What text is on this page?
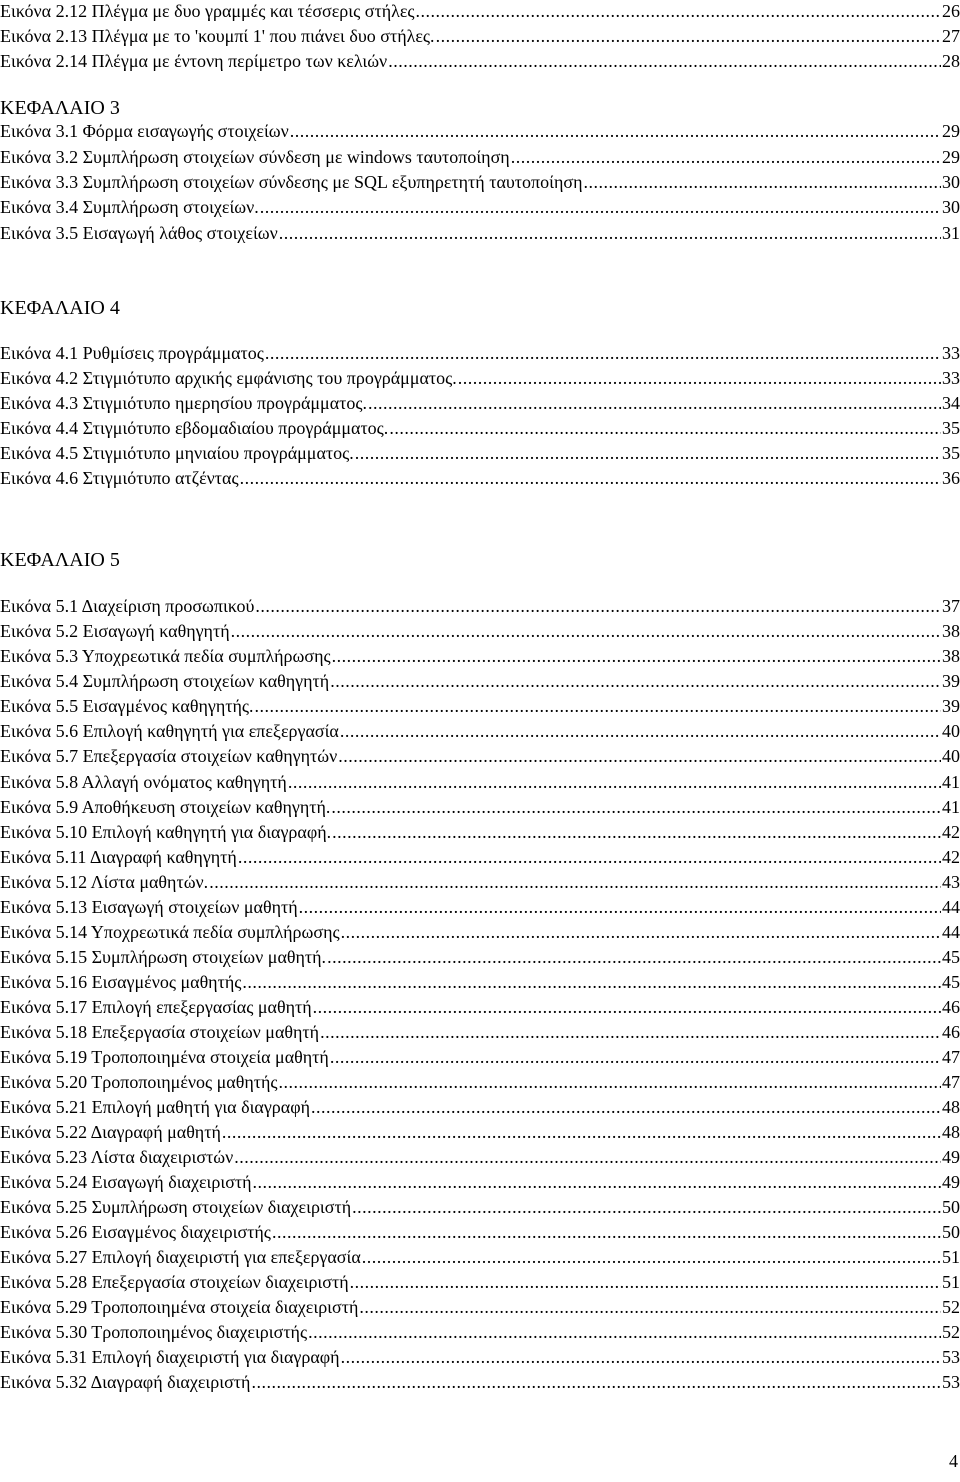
Εικόνα 2.12 Πλέγμα με δυο γραμμές και τέσσερις στήλες .....	26
Εικόνα 2.13 Πλέγμα με το 'κουμπί 1' που πιάνει δυο στήλες. .....	27
Εικόνα 2.14 Πλέγμα με έντονη περίμετρο των κελιών .....	28
ΚΕΦΑΛΑΙΟ 3
Εικόνα 3.1 Φόρμα εισαγωγής στοιχείων .....	29
Εικόνα 3.2 Συμπλήρωση στοιχείων σύνδεση με windows ταυτοποίηση .....	29
Εικόνα 3.3 Συμπλήρωση στοιχείων σύνδεσης με SQL εξυπηρετητή ταυτοποίηση .....	30
Εικόνα 3.4 Συμπλήρωση στοιχείων. .....	30
Εικόνα 3.5 Εισαγωγή λάθος στοιχείων .....	31
ΚΕΦΑΛΑΙΟ 4
Εικόνα 4.1 Ρυθμίσεις προγράμματος .....	33
Εικόνα 4.2 Στιγμιότυπο αρχικής εμφάνισης του προγράμματος. .....	33
Εικόνα 4.3 Στιγμιότυπο ημερησίου προγράμματος. .....	34
Εικόνα 4.4 Στιγμιότυπο εβδομαδιαίου προγράμματος. .....	35
Εικόνα 4.5 Στιγμιότυπο μηνιαίου προγράμματος. .....	35
Εικόνα 4.6 Στιγμιότυπο ατζέντας .....	36
ΚΕΦΑΛΑΙΟ 5
Εικόνα 5.1 Διαχείριση προσωπικού .....	37
Εικόνα 5.2 Εισαγωγή καθηγητή .....	38
Εικόνα 5.3 Υποχρεωτικά πεδία συμπλήρωσης .....	38
Εικόνα 5.4 Συμπλήρωση στοιχείων καθηγητή .....	39
Εικόνα 5.5 Εισαγμένος καθηγητής. .....	39
Εικόνα 5.6 Επιλογή καθηγητή για επεξεργασία .....	40
Εικόνα 5.7 Επεξεργασία στοιχείων καθηγητών .....	40
Εικόνα 5.8 Αλλαγή ονόματος καθηγητή .....	41
Εικόνα 5.9 Αποθήκευση στοιχείων καθηγητή. .....	41
Εικόνα 5.10 Επιλογή καθηγητή για διαγραφή. .....	42
Εικόνα 5.11 Διαγραφή καθηγητή .....	42
Εικόνα 5.12 Λίστα μαθητών. .....	43
Εικόνα 5.13 Εισαγωγή στοιχείων μαθητή .....	44
Εικόνα 5.14 Υποχρεωτικά πεδία συμπλήρωσης .....	44
Εικόνα 5.15 Συμπλήρωση στοιχείων μαθητή. .....	45
Εικόνα 5.16 Εισαγμένος μαθητής .....	45
Εικόνα 5.17 Επιλογή επεξεργασίας μαθητή .....	46
Εικόνα 5.18 Επεξεργασία στοιχείων μαθητή .....	46
Εικόνα 5.19 Τροποποιημένα στοιχεία μαθητή .....	47
Εικόνα 5.20 Τροποποιημένος μαθητής .....	47
Εικόνα 5.21 Επιλογή μαθητή για διαγραφή .....	48
Εικόνα 5.22 Διαγραφή μαθητή .....	48
Εικόνα 5.23 Λίστα διαχειριστών .....	49
Εικόνα 5.24 Εισαγωγή διαχειριστή .....	49
Εικόνα 5.25 Συμπλήρωση στοιχείων διαχειριστή .....	50
Εικόνα 5.26 Εισαγμένος διαχειριστής .....	50
Εικόνα 5.27 Επιλογή διαχειριστή για επεξεργασία .....	51
Εικόνα 5.28 Επεξεργασία στοιχείων διαχειριστή .....	51
Εικόνα 5.29 Τροποποιημένα στοιχεία διαχειριστή .....	52
Εικόνα 5.30 Τροποποιημένος διαχειριστής .....	52
Εικόνα 5.31 Επιλογή διαχειριστή για διαγραφή .....	53
Εικόνα 5.32 Διαγραφή διαχειριστή .....	53
4
